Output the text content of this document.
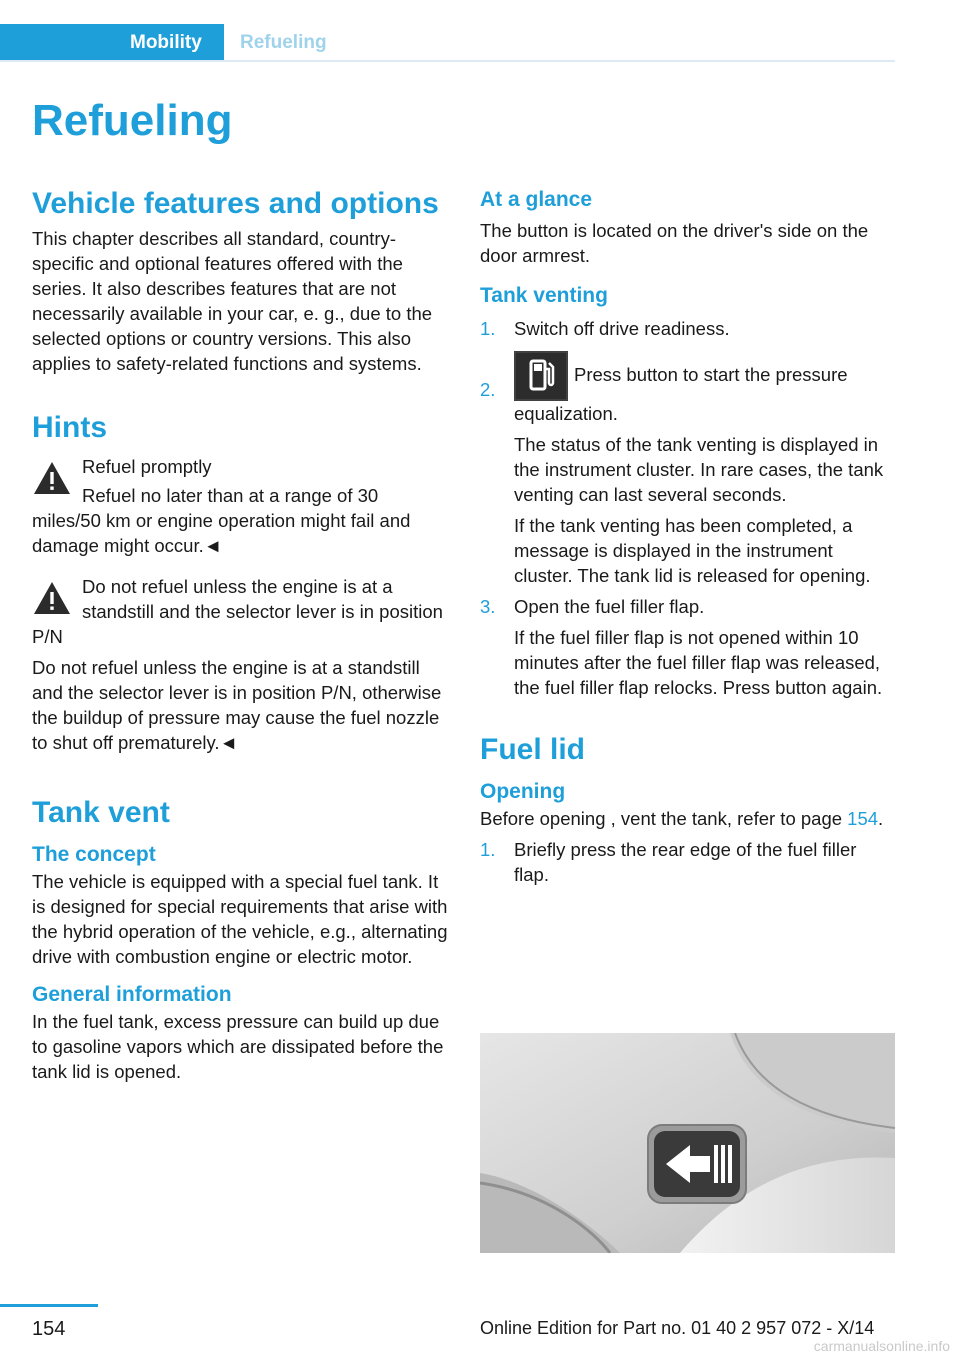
Mobility	Refueling
Refueling
Vehicle features and options

This chapter describes all standard, country-specific and optional features offered with the series. It also describes features that are not necessarily available in your car, e. g., due to the selected options or country versions. This also applies to safety-related functions and systems.

Hints

Refuel promptly

Refuel no later than at a range of 30 miles/50 km or engine operation might fail and damage might occur.◄

Do not refuel unless the engine is at a standstill and the selector lever is in position P/N

Do not refuel unless the engine is at a standstill and the selector lever is in position P/N, otherwise the buildup of pressure may cause the fuel nozzle to shut off prematurely.◄

Tank vent
The concept

The vehicle is equipped with a special fuel tank. It is designed for special requirements that arise with the hybrid operation of the vehicle, e.g., alternating drive with combustion engine or electric motor.

General information

In the fuel tank, excess pressure can build up due to gasoline vapors which are dissipated before the tank lid is opened.

At a glance

The button is located on the driver's side on the door armrest.

Tank venting
1. Switch off drive readiness.
2.
Press button to start the pressure equalization.

The status of the tank venting is displayed in the instrument cluster. In rare cases, the tank venting can last several seconds.

If the tank venting has been completed, a message is displayed in the instrument cluster. The tank lid is released for opening.

3. Open the fuel filler flap.

If the fuel filler flap is not opened within 10 minutes after the fuel filler flap was released, the fuel filler flap relocks. Press button again.

Fuel lid
Opening

Before opening , vent the tank, refer to page 154.

1. Briefly press the rear edge of the fuel filler flap.
154	Online Edition for Part no. 01 40 2 957 072 - X/14
carmanualsonline.info
